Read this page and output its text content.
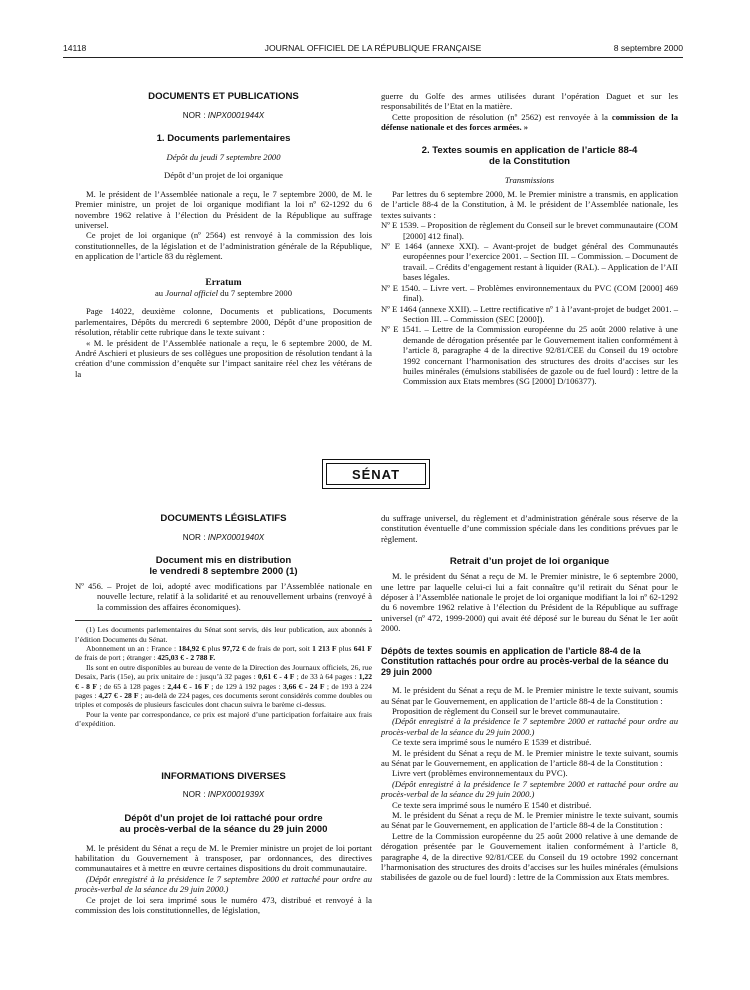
14118	JOURNAL OFFICIEL DE LA RÉPUBLIQUE FRANÇAISE	8 septembre 2000
DOCUMENTS ET PUBLICATIONS
NOR : INPX0001944X
1. Documents parlementaires
Dépôt du jeudi 7 septembre 2000
Dépôt d’un projet de loi organique

M. le président de l’Assemblée nationale a reçu, le 7 septembre 2000, de M. le Premier ministre, un projet de loi organique modifiant la loi nº 62-1292 du 6 novembre 1962 relative à l’élection du Président de la République au suffrage universel.

Ce projet de loi organique (nº 2564) est renvoyé à la commission des lois constitutionnelles, de la législation et de l’administration générale de la République, en application de l’article 83 du règlement.

Erratum
au Journal officiel du 7 septembre 2000

Page 14022, deuxième colonne, Documents et publications, Documents parlementaires, Dépôts du mercredi 6 septembre 2000, Dépôt d’une proposition de résolution, rétablir cette rubrique dans le texte suivant :

« M. le président de l’Assemblée nationale a reçu, le 6 septembre 2000, de M. André Aschieri et plusieurs de ses collègues une proposition de résolution tendant à la création d’une commission d’enquête sur l’impact sanitaire réel chez les vétérans de la

guerre du Golfe des armes utilisées durant l’opération Daguet et sur les responsabilités de l’Etat en la matière.

Cette proposition de résolution (nº 2562) est renvoyée à la commission de la défense nationale et des forces armées. »

2. Textes soumis en application de l’article 88-4
de la Constitution
Transmissions

Par lettres du 6 septembre 2000, M. le Premier ministre a transmis, en application de l’article 88-4 de la Constitution, à M. le président de l’Assemblée nationale, les textes suivants :

Nº E 1539. – Proposition de règlement du Conseil sur le brevet communautaire (COM [2000] 412 final).
Nº E 1464 (annexe XXI). – Avant-projet de budget général des Communautés européennes pour l’exercice 2001. – Section III. – Commission. – Document de travail. – Crédits d’engagement restant à liquider (RAL). – Application de l’AII bases légales.
Nº E 1540. – Livre vert. – Problèmes environnementaux du PVC (COM [2000] 469 final).
Nº E 1464 (annexe XXII). – Lettre rectificative nº 1 à l’avant-projet de budget 2001. – Section III. – Commission (SEC [2000]).
Nº E 1541. – Lettre de la Commission européenne du 25 août 2000 relative à une demande de dérogation présentée par le Gouvernement italien conformément à l’article 8, paragraphe 4 de la directive 92/81/CEE du Conseil du 19 octobre 1992 concernant l’harmonisation des structures des droits d’accises sur les huiles minérales (émulsions stabilisées de gazole ou de fuel lourd) : lettre de la Commission aux Etats membres (SG [2000] D/106377).
SÉNAT
DOCUMENTS LÉGISLATIFS
NOR : INPX0001940X
Document mis en distribution
le vendredi 8 septembre 2000 (1)
Nº 456. – Projet de loi, adopté avec modifications par l’Assemblée nationale en nouvelle lecture, relatif à la solidarité et au renouvellement urbains (renvoyé à la commission des affaires économiques).

(1) Les documents parlementaires du Sénat sont servis, dès leur publication, aux abonnés à l’édition Documents du Sénat.

Abonnement un an : France : 184,92 € plus 97,72 € de frais de port, soit 1 213 F plus 641 F de frais de port ; étranger : 425,03 € - 2 788 F.

Ils sont en outre disponibles au bureau de vente de la Direction des Journaux officiels, 26, rue Desaix, Paris (15e), au prix unitaire de : jusqu’à 32 pages : 0,61 € - 4 F ; de 33 à 64 pages : 1,22 € - 8 F ; de 65 à 128 pages : 2,44 € - 16 F ; de 129 à 192 pages : 3,66 € - 24 F ; de 193 à 224 pages : 4,27 € - 28 F ; au-delà de 224 pages, ces documents seront considérés comme doubles ou triples et composés de plusieurs fascicules dont chacun suivra le barème ci-dessus.

Pour la vente par correspondance, ce prix est majoré d’une participation forfaitaire aux frais d’expédition.

INFORMATIONS DIVERSES
NOR : INPX0001939X
Dépôt d’un projet de loi rattaché pour ordre
au procès-verbal de la séance du 29 juin 2000

M. le président du Sénat a reçu de M. le Premier ministre un projet de loi portant habilitation du Gouvernement à transposer, par ordonnances, des directives communautaires et à mettre en œuvre certaines dispositions du droit communautaire.

(Dépôt enregistré à la présidence le 7 septembre 2000 et rattaché pour ordre au procès-verbal de la séance du 29 juin 2000.)

Ce projet de loi sera imprimé sous le numéro 473, distribué et renvoyé à la commission des lois constitutionnelles, de législation,

du suffrage universel, du règlement et d’administration générale sous réserve de la constitution éventuelle d’une commission spéciale dans les conditions prévues par le règlement.

Retrait d’un projet de loi organique

M. le président du Sénat a reçu de M. le Premier ministre, le 6 septembre 2000, une lettre par laquelle celui-ci lui a fait connaître qu’il retirait du Sénat pour le déposer à l’Assemblée nationale le projet de loi organique modifiant la loi nº 62-1292 du 6 novembre 1962 relative à l’élection du Président de la République au suffrage universel (nº 472, 1999-2000) qui avait été déposé sur le bureau du Sénat le 1er août 2000.

Dépôts de textes soumis en application de l’article 88-4 de la Constitution rattachés pour ordre au procès-verbal de la séance du 29 juin 2000

M. le président du Sénat a reçu de M. le Premier ministre le texte suivant, soumis au Sénat par le Gouvernement, en application de l’article 88-4 de la Constitution :

Proposition de règlement du Conseil sur le brevet communautaire.

(Dépôt enregistré à la présidence le 7 septembre 2000 et rattaché pour ordre au procès-verbal de la séance du 29 juin 2000.)

Ce texte sera imprimé sous le numéro E 1539 et distribué.

M. le président du Sénat a reçu de M. le Premier ministre le texte suivant, soumis au Sénat par le Gouvernement, en application de l’article 88-4 de la Constitution :

Livre vert (problèmes environnementaux du PVC).

(Dépôt enregistré à la présidence le 7 septembre 2000 et rattaché pour ordre au procès-verbal de la séance du 29 juin 2000.)

Ce texte sera imprimé sous le numéro E 1540 et distribué.

M. le président du Sénat a reçu de M. le Premier ministre le texte suivant, soumis au Sénat par le Gouvernement, en application de l’article 88-4 de la Constitution :

Lettre de la Commission européenne du 25 août 2000 relative à une demande de dérogation présentée par le Gouvernement italien conformément à l’article 8, paragraphe 4, de la directive 92/81/CEE du Conseil du 19 octobre 1992 concernant l’harmonisation des structures des droits d’accises sur les huiles minérales (émulsions stabilisées de gazole ou de fuel lourd) : lettre de la Commission aux Etats membres.
